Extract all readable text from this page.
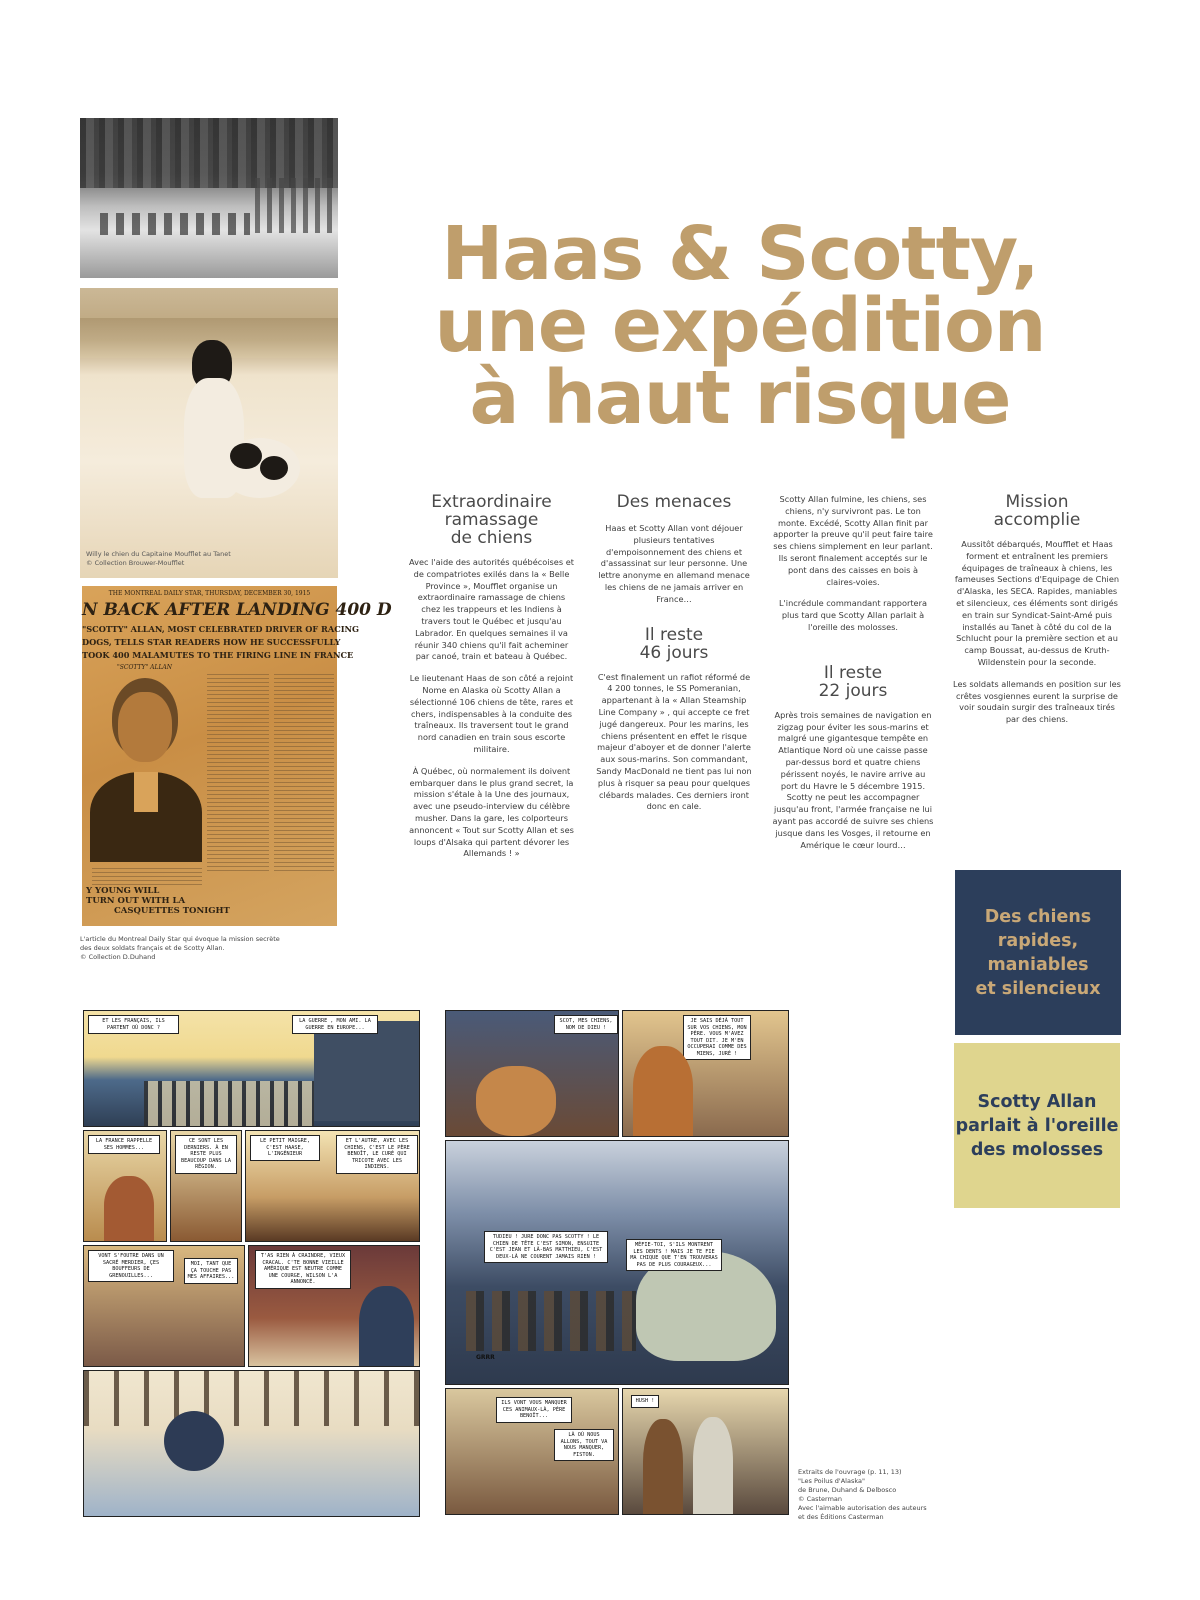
Willy le chien du Capitaine Moufflet au Tanet
© Collection Brouwer-Moufflet
THE MONTREAL DAILY STAR, THURSDAY, DECEMBER 30, 1915
N BACK AFTER LANDING 400 D
"SCOTTY" ALLAN, MOST CELEBRATED DRIVER OF RACING
DOGS, TELLS STAR READERS HOW HE SUCCESSFULLY
TOOK 400 MALAMUTES TO THE FIRING LINE IN FRANCE
"SCOTTY" ALLAN
Y YOUNG WILL
TURN OUT WITH LA
CASQUETTES TONIGHT
L'article du Montreal Daily Star qui évoque la mission secrète
des deux soldats français et de Scotty Allan.
© Collection D.Duhand
Haas & Scotty,
une expédition
à haut risque
Extraordinaire
ramassage
de chiens

Avec l'aide des autorités québécoises et de compatriotes exilés dans la « Belle Province », Moufflet organise un extraordinaire ramassage de chiens chez les trappeurs et les Indiens à travers tout le Québec et jusqu'au Labrador. En quelques semaines il va réunir 340 chiens qu'il fait acheminer par canoé, train et bateau à Québec.

Le lieutenant Haas de son côté a rejoint Nome en Alaska où Scotty Allan a sélectionné 106 chiens de tête, rares et chers, indispensables à la conduite des traîneaux. Ils traversent tout le grand nord canadien en train sous escorte militaire.

À Québec, où normalement ils doivent embarquer dans le plus grand secret, la mission s'étale à la Une des journaux, avec une pseudo-interview du célèbre musher. Dans la gare, les colporteurs annoncent « Tout sur Scotty Allan et ses loups d'Alsaka qui partent dévorer les Allemands ! »

Des menaces

Haas et Scotty Allan vont déjouer plusieurs tentatives d'empoisonnement des chiens et d'assassinat sur leur personne. Une lettre anonyme en allemand menace les chiens de ne jamais arriver en France…

Il reste
46 jours

C'est finalement un rafiot réformé de 4 200 tonnes, le SS Pomeranian, appartenant à la « Allan Steamship Line Company » , qui accepte ce fret jugé dangereux. Pour les marins, les chiens présentent en effet le risque majeur d'aboyer et de donner l'alerte aux sous-marins. Son commandant, Sandy MacDonald ne tient pas lui non plus à risquer sa peau pour quelques clébards malades. Ces derniers iront donc en cale.

Scotty Allan fulmine, les chiens, ses chiens, n'y survivront pas. Le ton monte. Excédé, Scotty Allan finit par apporter la preuve qu'il peut faire taire ses chiens simplement en leur parlant. Ils seront finalement acceptés sur le pont dans des caisses en bois à claires-voies.

L'incrédule commandant rapportera plus tard que Scotty Allan parlait à l'oreille des molosses.

Il reste
22 jours

Après trois semaines de navigation en zigzag pour éviter les sous-marins et malgré une gigantesque tempête en Atlantique Nord où une caisse passe par-dessus bord et quatre chiens périssent noyés, le navire arrive au port du Havre le 5 décembre 1915. Scotty ne peut les accompagner jusqu'au front, l'armée française ne lui ayant pas accordé de suivre ses chiens jusque dans les Vosges, il retourne en Amérique le cœur lourd…

Mission
accomplie

Aussitôt débarqués, Moufflet et Haas forment et entraînent les premiers équipages de traîneaux à chiens, les fameuses Sections d'Equipage de Chien d'Alaska, les SECA. Rapides, maniables et silencieux, ces éléments sont dirigés en train sur Syndicat-Saint-Amé puis installés au Tanet à côté du col de la Schlucht pour la première section et au camp Boussat, au-dessus de Kruth-Wildenstein pour la seconde.

Les soldats allemands en position sur les crêtes vosgiennes eurent la surprise de voir soudain surgir des traîneaux tirés par des chiens.

Des chiens
rapides,
maniables
et silencieux
Scotty Allan
parlait à l'oreille
des molosses
ET LES FRANÇAIS, ILS PARTENT OÙ DONC ?
LA GUERRE , MON AMI. LA GUERRE EN EUROPE...
LA FRANCE RAPPELLE SES HOMMES...
CE SONT LES DERNIERS. À EN RESTE PLUS BEAUCOUP DANS LA RÉGION.
LE PETIT MAIGRE, C'EST HAASE, L'INGÉNIEUR
ET L'AUTRE, AVEC LES CHIENS, C'EST LE PÈRE BENOÎT, LE CURÉ QUI TRICOTE AVEC LES INDIENS.
VONT S'FOUTRE DANS UN SACRÉ MERDIER, ÇES BOUFFEURS DE GRENOUILLES...
MOI, TANT QUE ÇA TOUCHE PAS MES AFFAIRES...
T'AS RIEN À CRAINDRE, VIEUX CRACAL. C'TE BONNE VIEILLE AMÉRIQUE EST NEUTRE COMME UNE COURGE, WILSON L'A ANNONCÉ.
SCOT, MES CHIENS, NOM DE DIEU !
JE SAIS DÉJÀ TOUT SUR VOS CHIENS, MON PÈRE. VOUS M'AVEZ TOUT DIT. JE M'EN OCCUPERAI COMME DES MIENS, JURÉ !
TUDIEU ! JURE DONC PAS SCOTTY ! LE CHIEN DE TÊTE C'EST SIMON, ENSUITE C'EST JEAN ET LÀ-BAS MATTHIEU, C'EST DEUX-LÀ NE COURENT JAMAIS RIEN !
MÉFIE-TOI, S'ILS MONTRENT LES DENTS ! MAIS JE TE FIE MA CHIQUE QUE T'EN TROUVERAS PAS DE PLUS COURAGEUX...
GRRR
ILS VONT VOUS MANQUER CES ANIMAUX-LÀ, PÈRE BENOÎT...
LÀ OÙ NOUS ALLONS, TOUT VA NOUS MANQUER, FISTON.
HUSH !
Extraits de l'ouvrage (p. 11, 13)
"Les Poilus d'Alaska"
de Brune, Duhand & Delbosco
© Casterman
Avec l'aimable autorisation des auteurs
et des Éditions Casterman
